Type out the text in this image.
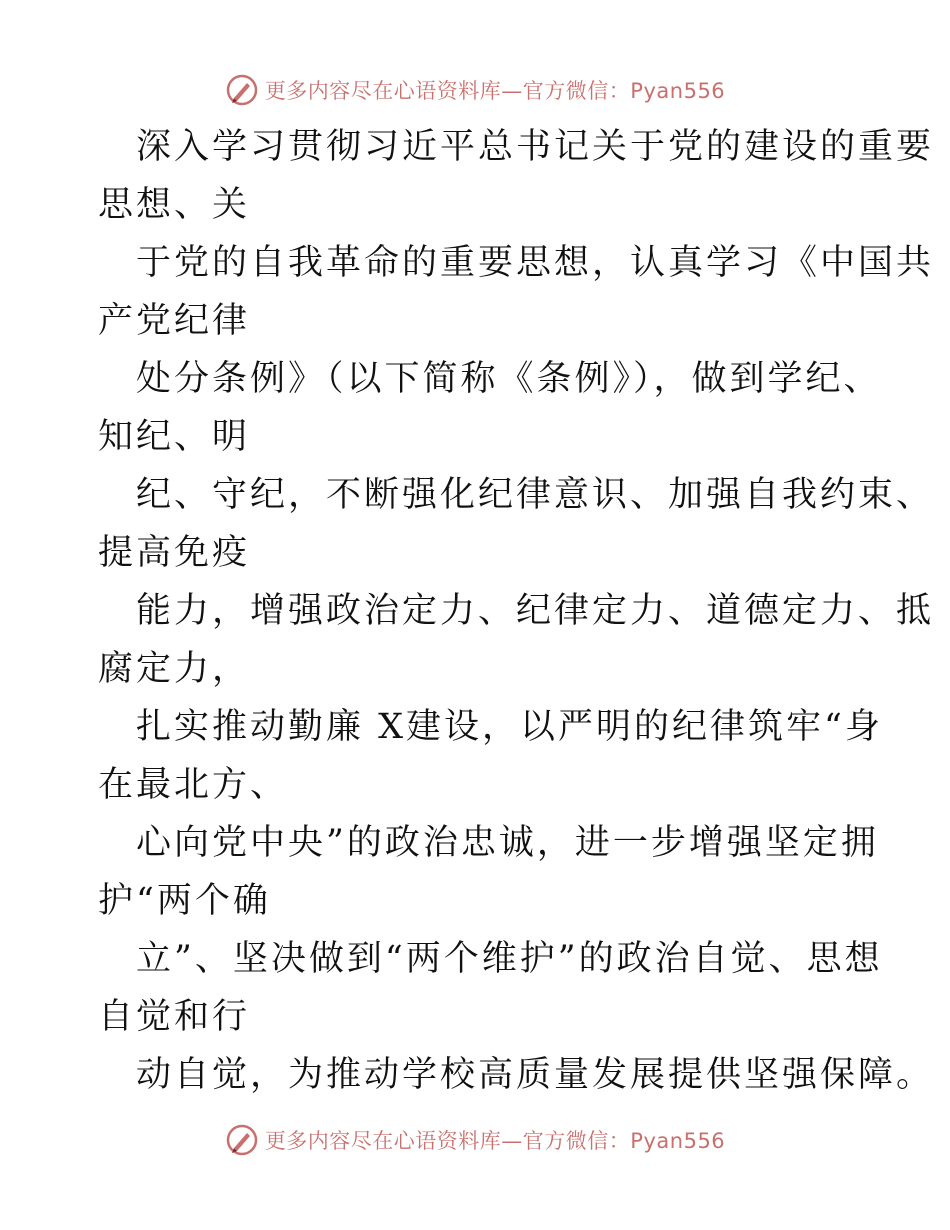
更多内容尽在心语资料库—官方微信：Pyan556
深入学习贯彻习近平总书记关于党的建设的重要
思想、关
于党的自我革命的重要思想，认真学习《中国共
产党纪律
处分条例》（以下简称《条例》），做到学纪、
知纪、明
纪、守纪，不断强化纪律意识、加强自我约束、
提高免疫
能力，增强政治定力、纪律定力、道德定力、抵
腐定力，
扎实推动勤廉 X建设，以严明的纪律筑牢“身
在最北方、
心向党中央”的政治忠诚，进一步增强坚定拥
护“两个确
立”、坚决做到“两个维护”的政治自觉、思想
自觉和行
动自觉，为推动学校高质量发展提供坚强保障。
更多内容尽在心语资料库—官方微信：Pyan556
